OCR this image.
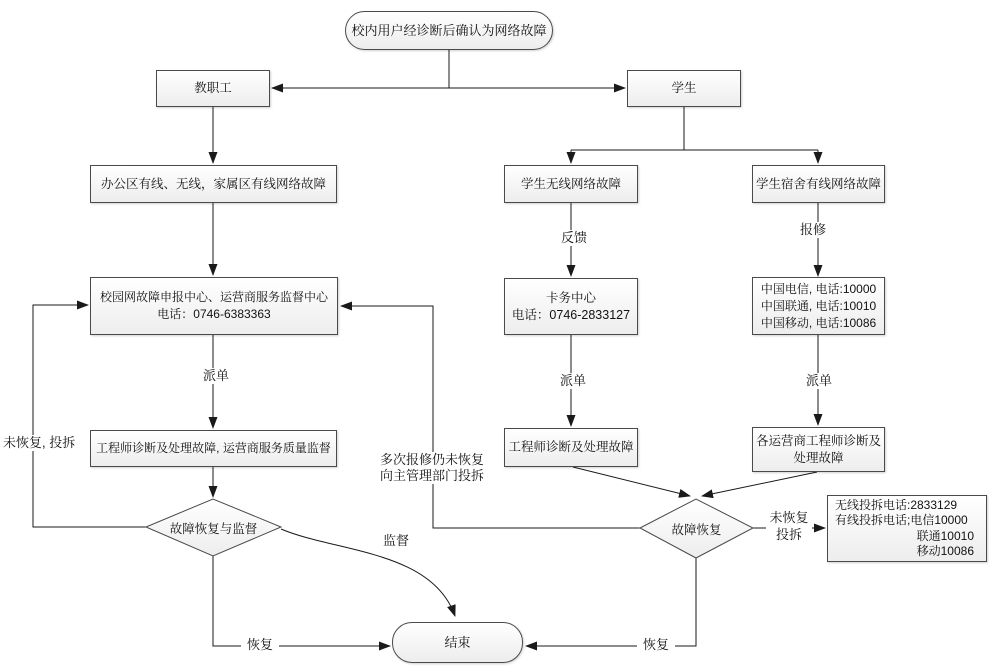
校内用户经诊断后确认为网络故障
教职工	学生
办公区有线、无线，家属区有线网络故障	学生无线网络故障	学生宿舍有线网络故障
校园网故障申报中心、运营商服务监督中心
电话：0746-6383363
卡务中心
电话：0746-2833127
中国电信, 电话:10000
中国联通, 电话:10010
中国移动, 电话:10086
工程师诊断及处理故障, 运营商服务质量监督	工程师诊断及处理故障	各运营商工程师诊断及
处理故障
故障恢复与监督	故障恢复
无线投拆电话:2833129
有线投拆电话;电信10000
联通10010
移动10086
结束
反馈
报修
派单	派单	派单
未恢复, 投拆
多次报修仍未恢复
向主管理部门投拆
监督
未恢复
投拆
恢复	恢复
